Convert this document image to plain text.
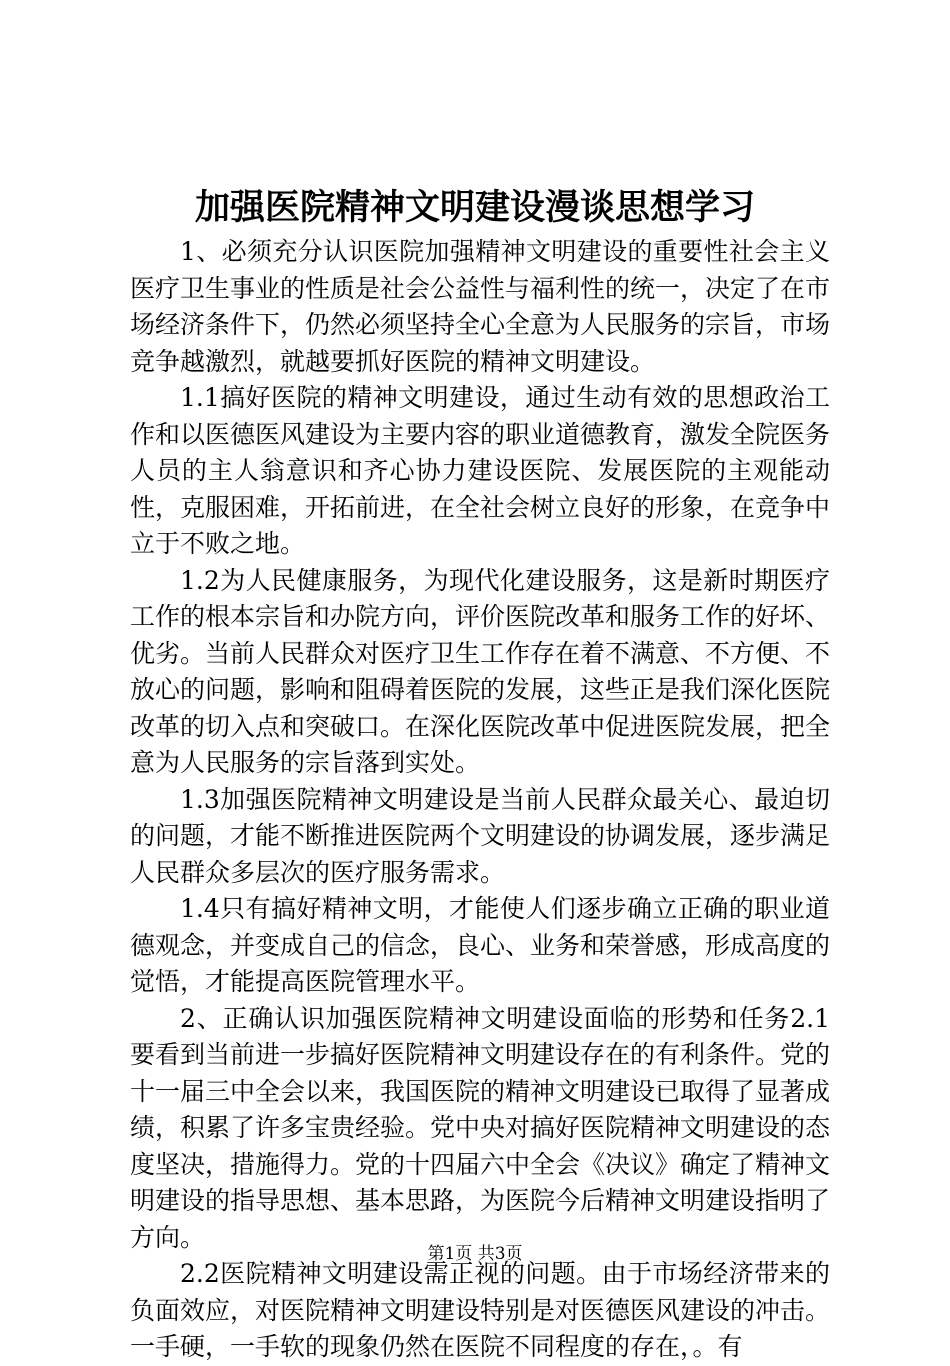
加强医院精神文明建设漫谈思想学习

1、必须充分认识医院加强精神文明建设的重要性社会主义医疗卫生事业的性质是社会公益性与福利性的统一，决定了在市场经济条件下，仍然必须坚持全心全意为人民服务的宗旨，市场竞争越激烈，就越要抓好医院的精神文明建设。

1.1搞好医院的精神文明建设，通过生动有效的思想政治工作和以医德医风建设为主要内容的职业道德教育，激发全院医务人员的主人翁意识和齐心协力建设医院、发展医院的主观能动性，克服困难，开拓前进，在全社会树立良好的形象，在竞争中立于不败之地。

1.2为人民健康服务，为现代化建设服务，这是新时期医疗工作的根本宗旨和办院方向，评价医院改革和服务工作的好坏、优劣。当前人民群众对医疗卫生工作存在着不满意、不方便、不放心的问题，影响和阻碍着医院的发展，这些正是我们深化医院改革的切入点和突破口。在深化医院改革中促进医院发展，把全意为人民服务的宗旨落到实处。

1.3加强医院精神文明建设是当前人民群众最关心、最迫切的问题，才能不断推进医院两个文明建设的协调发展，逐步满足人民群众多层次的医疗服务需求。

1.4只有搞好精神文明，才能使人们逐步确立正确的职业道德观念，并变成自己的信念，良心、业务和荣誉感，形成高度的觉悟，才能提高医院管理水平。

2、正确认识加强医院精神文明建设面临的形势和任务2.1要看到当前进一步搞好医院精神文明建设存在的有利条件。党的十一届三中全会以来，我国医院的精神文明建设已取得了显著成绩，积累了许多宝贵经验。党中央对搞好医院精神文明建设的态度坚决，措施得力。党的十四届六中全会《决议》确定了精神文明建设的指导思想、基本思路，为医院今后精神文明建设指明了方向。

2.2医院精神文明建设需正视的问题。由于市场经济带来的负面效应，对医院精神文明建设特别是对医德医风建设的冲击。一手硬，一手软的现象仍然在医院不同程度的存在，。有

第1页 共3页
